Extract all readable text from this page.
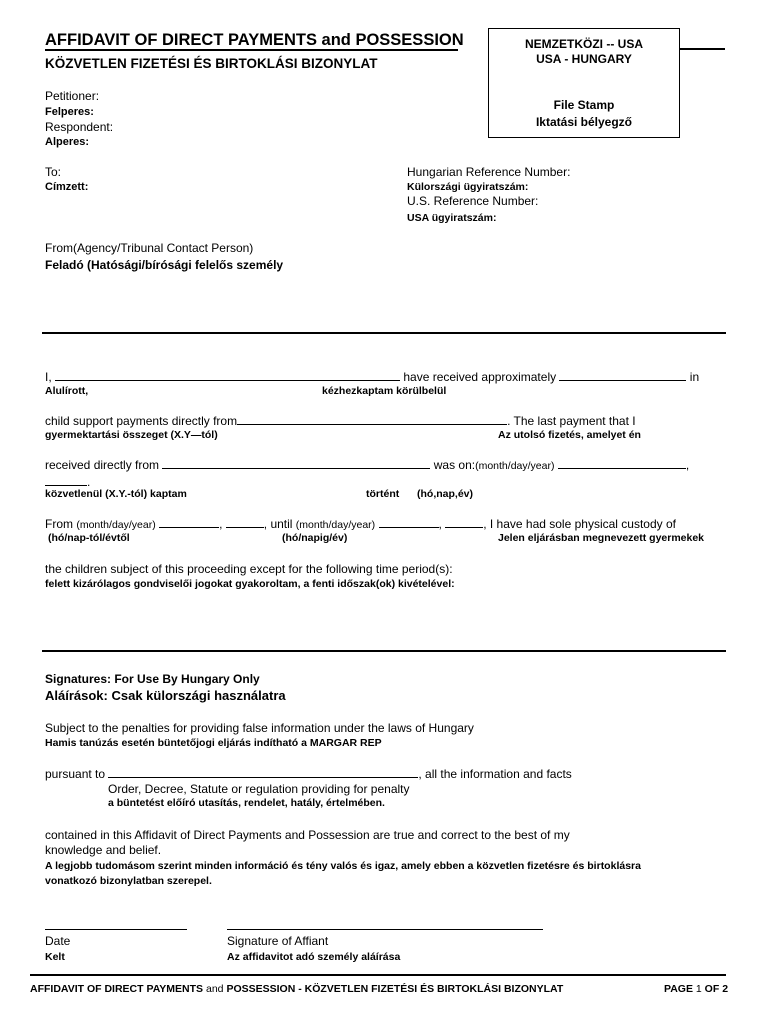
AFFIDAVIT OF DIRECT PAYMENTS and POSSESSION
KÖZVETLEN FIZETÉSI ÉS BIRTOKLÁSI BIZONYLAT
NEMZETKÖZI -- USA
USA - HUNGARY
File Stamp
Iktatási bélyegző
Petitioner:
Felperes:
Respondent:
Alperes:
To:
Címzett:
Hungarian Reference Number:
Külországi ügyiratszám:
U.S. Reference Number:
USA ügyiratszám:
From(Agency/Tribunal Contact Person)
Feladó (Hatósági/bírósági felelős személy
I,	have received approximately	in
Alulírott,	kézhezkaptam körülbelül
child support payments directly from	. The last payment that I
gyermektartási összeget (X.Y—tól)	Az utolsó fizetés, amelyet én
received directly from	was on:(month/day/year)	,
.
közvetlenül (X.Y.-tól) kaptam	történt (hó,nap,év)
From (month/day/year)	,	, until (month/day/year)	,	, I have had sole physical custody of
(hó/nap-tól/évtől	(hó/napig/év)	Jelen eljárásban megnevezett gyermekek
the children subject of this proceeding except for the following time period(s):
felett kizárólagos gondviselői jogokat gyakoroltam, a fenti időszak(ok) kivételével:
Signatures: For Use By Hungary Only
Aláírások: Csak külországi használatra
Subject to the penalties for providing false information under the laws of Hungary
Hamis tanúzás esetén büntetőjogi eljárás indítható a MARGAR REP
pursuant to	, all the information and facts
Order, Decree, Statute or regulation providing for penalty
a büntetést előíró utasítás, rendelet, hatály, értelmében.
contained in this Affidavit of Direct Payments and Possession are true and correct to the best of my
knowledge and belief.
A legjobb tudomásom szerint minden információ és tény valós és igaz, amely ebben a közvetlen fizetésre és birtoklásra
vonatkozó bizonylatban szerepel.
Date
Kelt
Signature of Affiant
Az affidavitot adó személy aláírása
AFFIDAVIT OF DIRECT PAYMENTS and POSSESSION - KÖZVETLEN FIZETÉSI ÉS BIRTOKLÁSI BIZONYLAT	PAGE 1 OF 2
